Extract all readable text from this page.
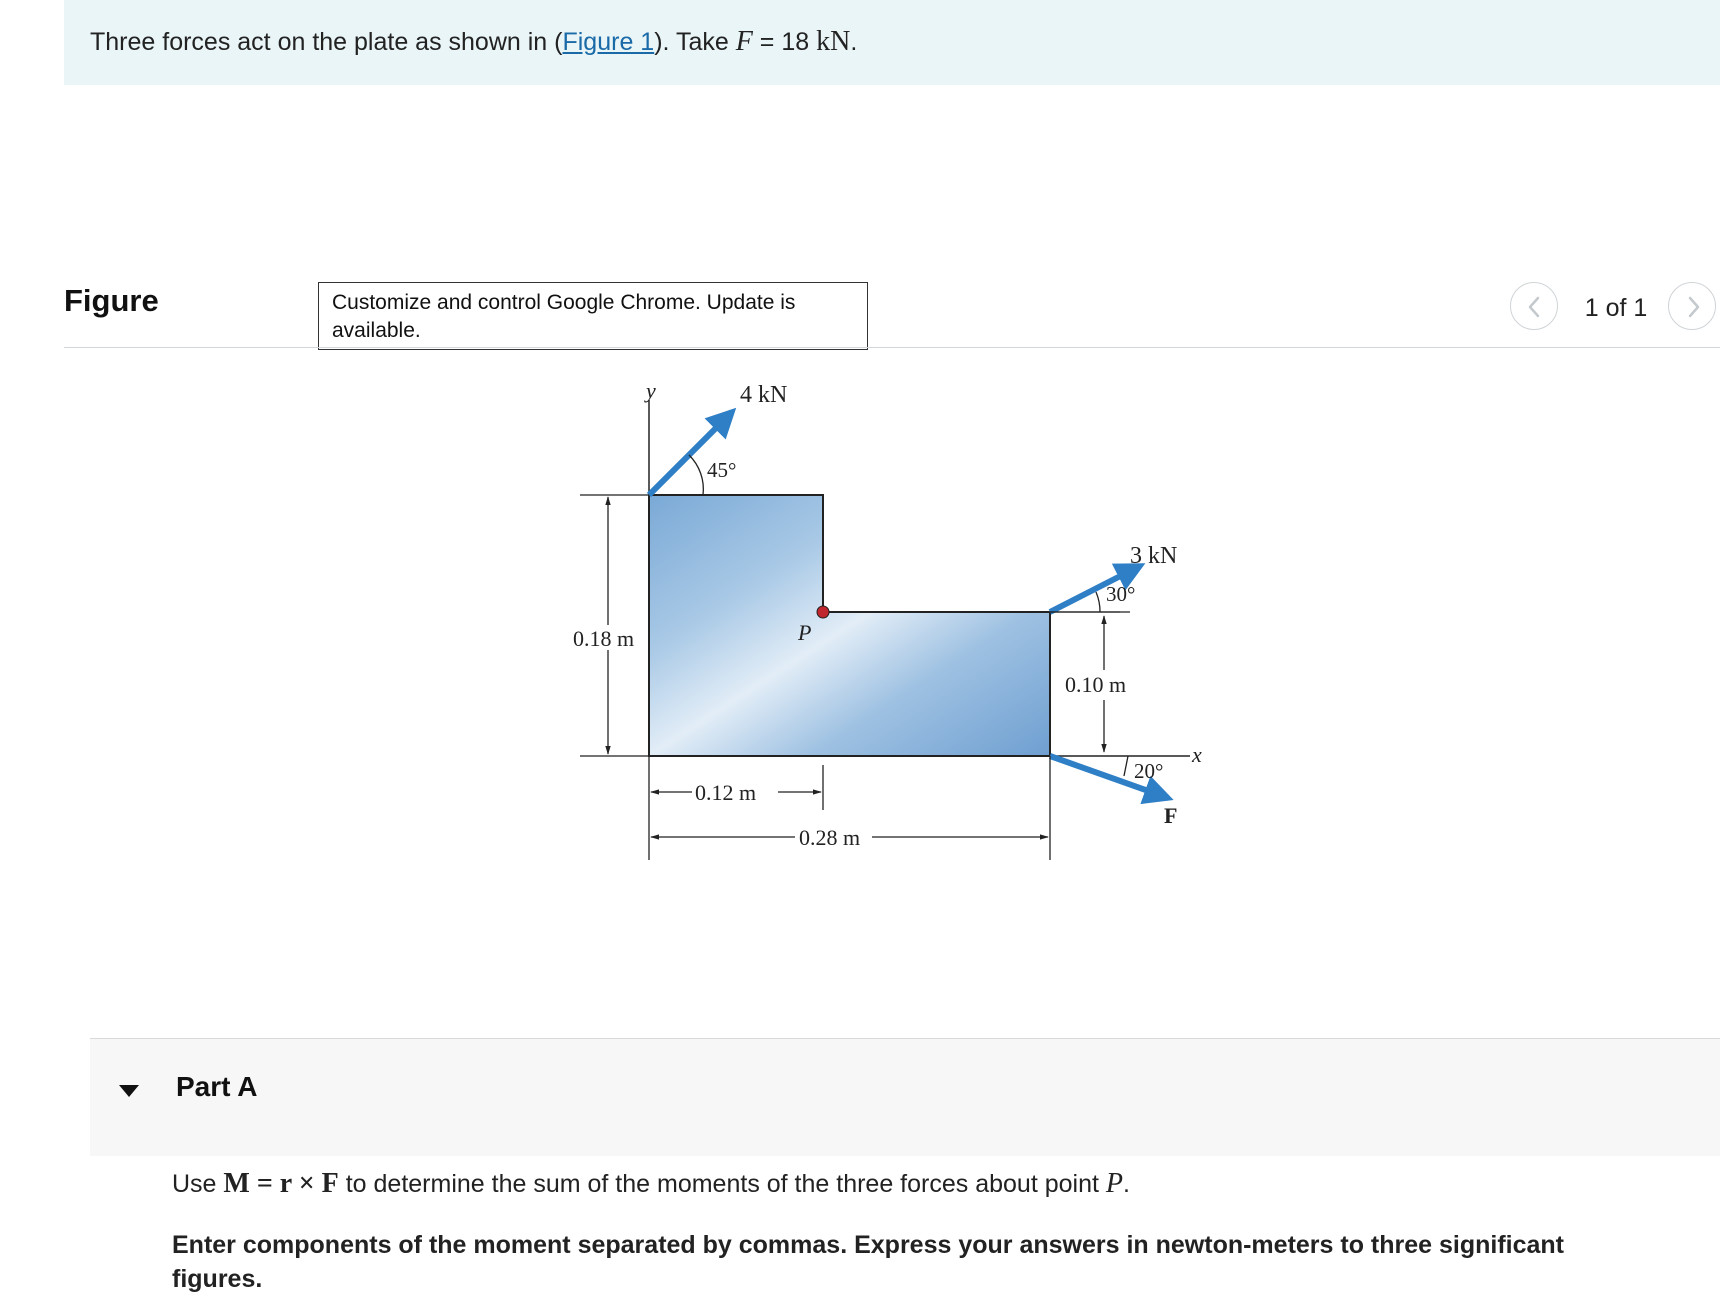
Three forces act on the plate as shown in (Figure 1). Take F = 18 kN.
Figure	Customize and control Google Chrome. Update is available.
1 of 1
y
x
4 kN
45°
P
3 kN
30°
20°
F
0.18 m
0.10 m
0.12 m
0.28 m
Part A
Use M = r × F to determine the sum of the moments of the three forces about point P.
Enter components of the moment separated by commas. Express your answers in newton-meters to three significant figures.
